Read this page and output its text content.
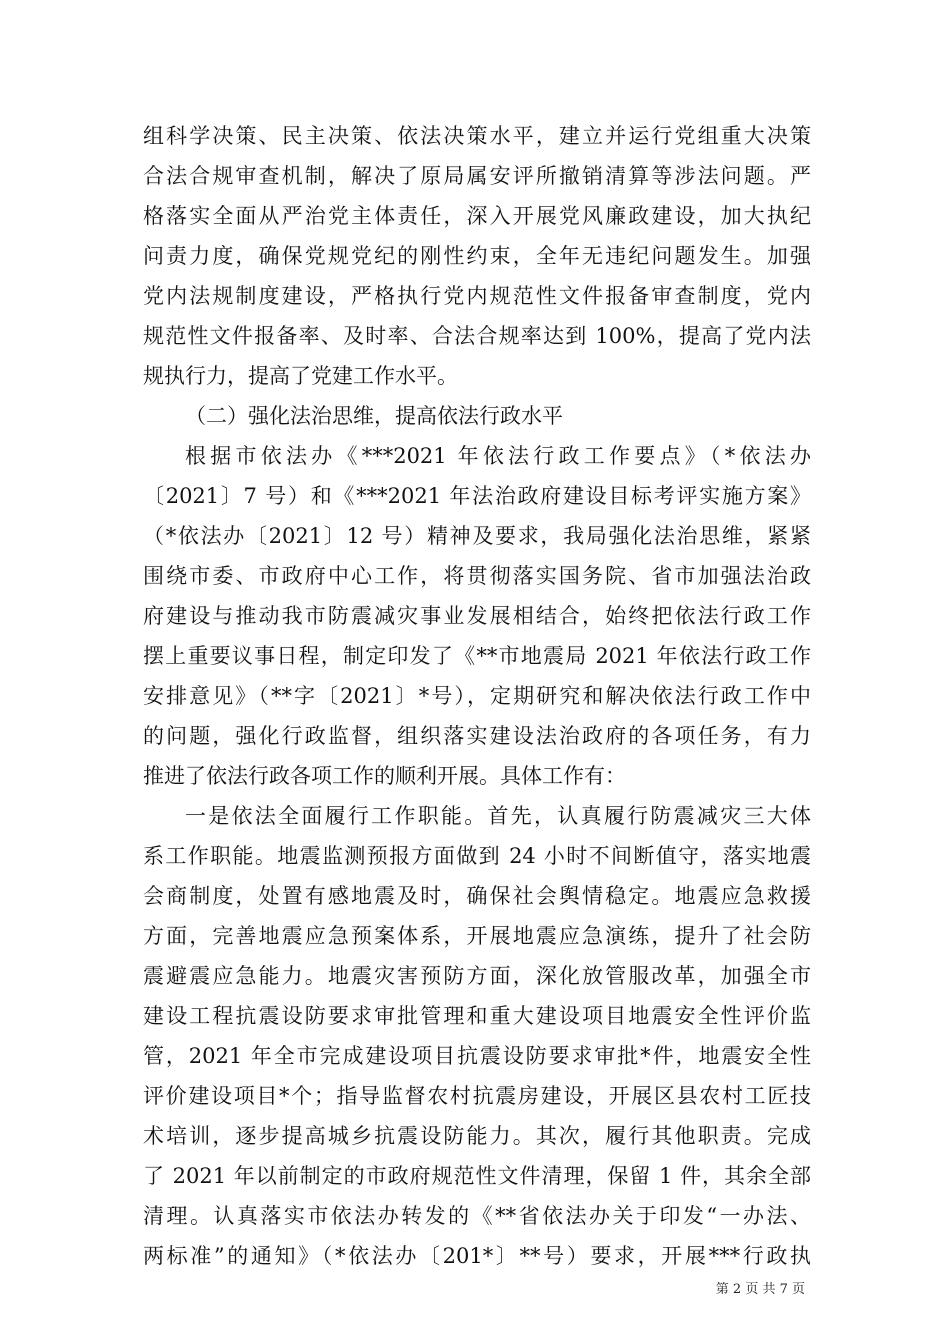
组科学决策、民主决策、依法决策水平，建立并运行党组重大决策
合法合规审查机制，解决了原局属安评所撤销清算等涉法问题。严
格落实全面从严治党主体责任，深入开展党风廉政建设，加大执纪
问责力度，确保党规党纪的刚性约束，全年无违纪问题发生。加强
党内法规制度建设，严格执行党内规范性文件报备审查制度，党内
规范性文件报备率、及时率、合法合规率达到 100%，提高了党内法
规执行力，提高了党建工作水平。
（二）强化法治思维，提高依法行政水平
根据市依法办《***2021 年依法行政工作要点》（*依法办
〔2021〕7 号）和《***2021 年法治政府建设目标考评实施方案》
（*依法办〔2021〕12 号）精神及要求，我局强化法治思维，紧紧
围绕市委、市政府中心工作，将贯彻落实国务院、省市加强法治政
府建设与推动我市防震减灾事业发展相结合，始终把依法行政工作
摆上重要议事日程，制定印发了《**市地震局 2021 年依法行政工作
安排意见》（**字〔2021〕*号），定期研究和解决依法行政工作中
的问题，强化行政监督，组织落实建设法治政府的各项任务，有力
推进了依法行政各项工作的顺利开展。具体工作有：
一是依法全面履行工作职能。首先，认真履行防震减灾三大体
系工作职能。地震监测预报方面做到 24 小时不间断值守，落实地震
会商制度，处置有感地震及时，确保社会舆情稳定。地震应急救援
方面，完善地震应急预案体系，开展地震应急演练，提升了社会防
震避震应急能力。地震灾害预防方面，深化放管服改革，加强全市
建设工程抗震设防要求审批管理和重大建设项目地震安全性评价监
管，2021 年全市完成建设项目抗震设防要求审批*件，地震安全性
评价建设项目*个；指导监督农村抗震房建设，开展区县农村工匠技
术培训，逐步提高城乡抗震设防能力。其次，履行其他职责。完成
了 2021 年以前制定的市政府规范性文件清理，保留 1 件，其余全部
清理。认真落实市依法办转发的《**省依法办关于印发“一办法、
两标准”的通知》（*依法办〔201*〕**号）要求，开展***行政执
第 2 页 共 7 页
